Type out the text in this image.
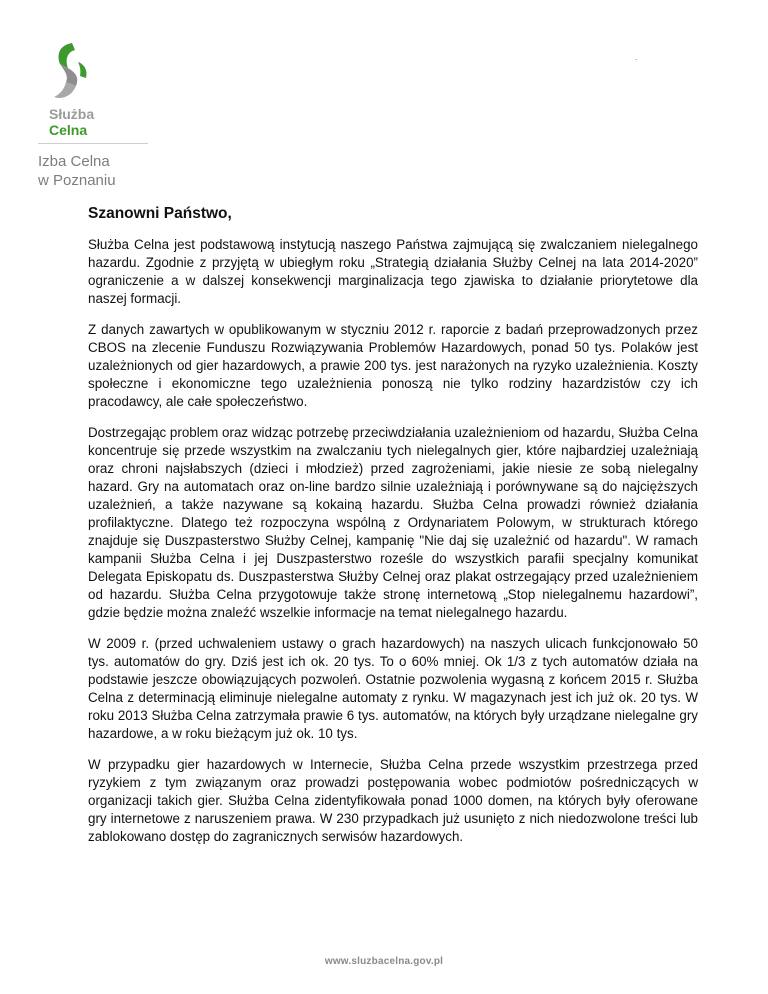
Służba
Celna
Izba Celna
w Poznaniu
.

Szanowni Państwo,

Służba Celna jest podstawową instytucją naszego Państwa zajmującą się zwalczaniem nielegalnego hazardu. Zgodnie z przyjętą w ubiegłym roku „Strategią działania Służby Celnej na lata 2014-2020” ograniczenie a w dalszej konsekwencji marginalizacja tego zjawiska to działanie priorytetowe dla naszej formacji.

Z danych zawartych w opublikowanym w styczniu 2012 r. raporcie z badań przeprowadzonych przez CBOS na zlecenie Funduszu Rozwiązywania Problemów Hazardowych, ponad 50 tys. Polaków jest uzależnionych od gier hazardowych, a prawie 200 tys. jest narażonych na ryzyko uzależnienia. Koszty społeczne i ekonomiczne tego uzależnienia ponoszą nie tylko rodziny hazardzistów czy ich pracodawcy, ale całe społeczeństwo.

Dostrzegając problem oraz widząc potrzebę przeciwdziałania uzależnieniom od hazardu, Służba Celna koncentruje się przede wszystkim na zwalczaniu tych nielegalnych gier, które najbardziej uzależniają oraz chroni najsłabszych (dzieci i młodzież) przed zagrożeniami, jakie niesie ze sobą nielegalny hazard. Gry na automatach oraz on-line bardzo silnie uzależniają i porównywane są do najcięższych uzależnień, a także nazywane są kokainą hazardu. Służba Celna prowadzi również działania profilaktyczne. Dlatego też rozpoczyna wspólną z Ordynariatem Polowym, w strukturach którego znajduje się Duszpasterstwo Służby Celnej, kampanię "Nie daj się uzależnić od hazardu". W ramach kampanii Służba Celna i jej Duszpasterstwo roześle do wszystkich parafii specjalny komunikat Delegata Episkopatu ds. Duszpasterstwa Służby Celnej oraz plakat ostrzegający przed uzależnieniem od hazardu. Służba Celna przygotowuje także stronę internetową „Stop nielegalnemu hazardowi”, gdzie będzie można znaleźć wszelkie informacje na temat nielegalnego hazardu.

W 2009 r. (przed uchwaleniem ustawy o grach hazardowych) na naszych ulicach funkcjonowało 50 tys. automatów do gry. Dziś jest ich ok. 20 tys. To o 60% mniej. Ok 1/3 z tych automatów działa na podstawie jeszcze obowiązujących pozwoleń. Ostatnie pozwolenia wygasną z końcem 2015 r. Służba Celna z determinacją eliminuje nielegalne automaty z rynku. W magazynach jest ich już ok. 20 tys. W roku 2013 Służba Celna zatrzymała prawie 6 tys. automatów, na których były urządzane nielegalne gry hazardowe, a w roku bieżącym już ok. 10 tys.

W przypadku gier hazardowych w Internecie, Służba Celna przede wszystkim przestrzega przed ryzykiem z tym związanym oraz prowadzi postępowania wobec podmiotów pośredniczących w organizacji takich gier. Służba Celna zidentyfikowała ponad 1000 domen, na których były oferowane gry internetowe z naruszeniem prawa. W 230 przypadkach już usunięto z nich niedozwolone treści lub zablokowano dostęp do zagranicznych serwisów hazardowych.

www.sluzbacelna.gov.pl
